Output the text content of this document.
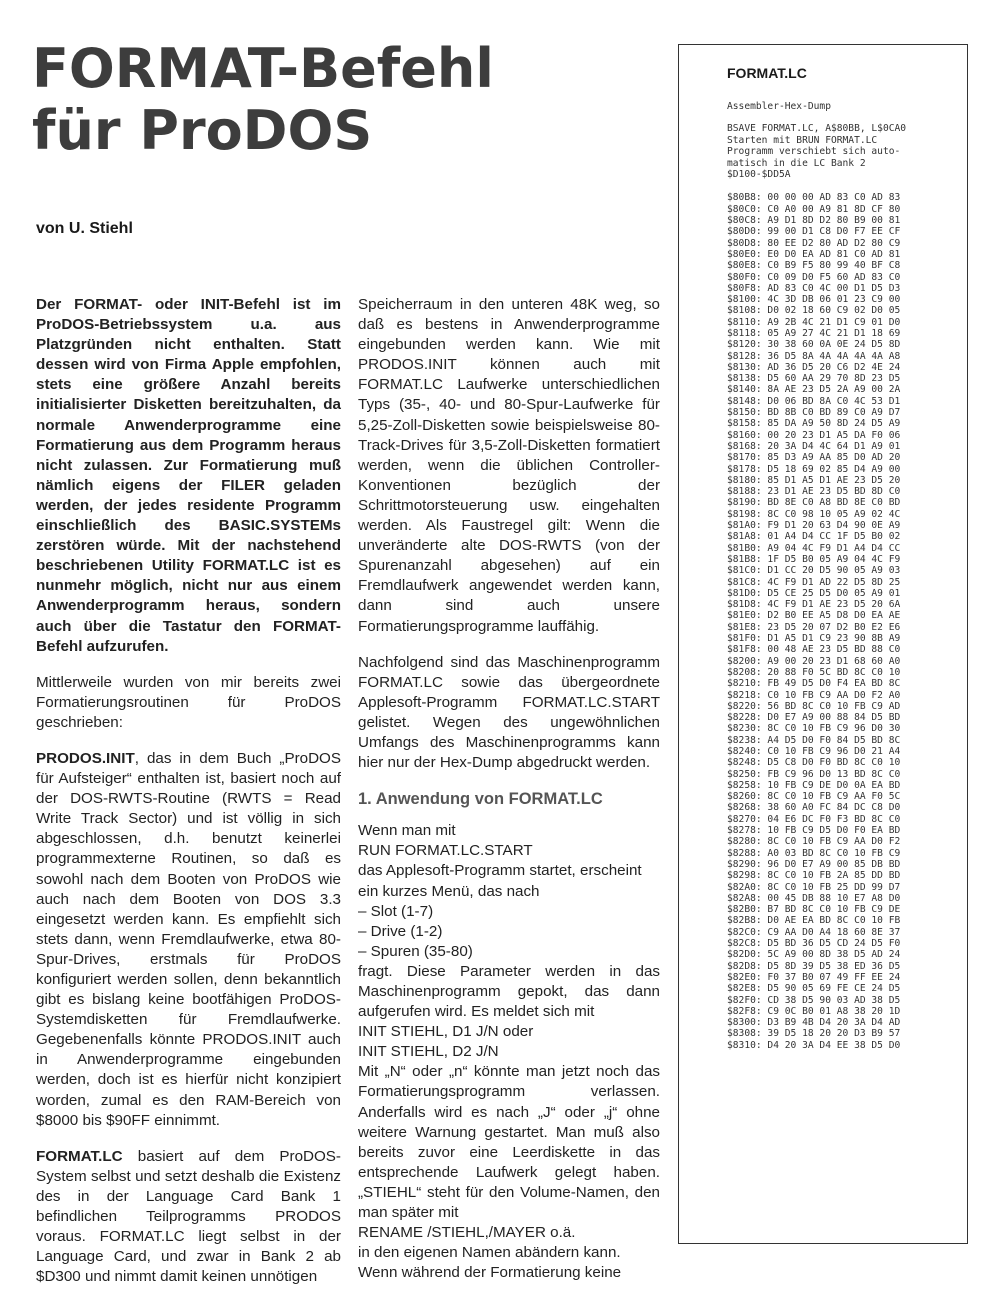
FORMAT-Befehl
für ProDOS
von U. Stiehl

Der FORMAT- oder INIT-Befehl ist im ProDOS-Betriebssystem u.a. aus Platzgründen nicht enthalten. Statt dessen wird von Firma Apple empfohlen, stets eine größere Anzahl bereits initialisierter Disketten bereitzuhalten, da normale Anwenderprogramme eine Formatierung aus dem Programm heraus nicht zulassen. Zur Formatierung muß nämlich eigens der FILER geladen werden, der jedes residente Programm einschließlich des BASIC.SYSTEMs zerstören würde. Mit der nachstehend beschriebenen Utility FORMAT.LC ist es nunmehr möglich, nicht nur aus einem Anwenderprogramm heraus, sondern auch über die Tastatur den FORMAT-Befehl aufzurufen.

Mittlerweile wurden von mir bereits zwei Formatierungsroutinen für ProDOS geschrieben:

PRODOS.INIT, das in dem Buch „ProDOS für Aufsteiger“ enthalten ist, basiert noch auf der DOS-RWTS-Routine (RWTS = Read Write Track Sector) und ist völlig in sich abgeschlossen, d.h. benutzt keinerlei programmexterne Routinen, so daß es sowohl nach dem Booten von ProDOS wie auch nach dem Booten von DOS 3.3 eingesetzt werden kann. Es empfiehlt sich stets dann, wenn Fremdlaufwerke, etwa 80-Spur-Drives, erstmals für ProDOS konfiguriert werden sollen, denn bekanntlich gibt es bislang keine bootfähigen ProDOS-Systemdisketten für Fremdlaufwerke. Gegebenenfalls könnte PRODOS.INIT auch in Anwenderprogramme eingebunden werden, doch ist es hierfür nicht konzipiert worden, zumal es den RAM-Bereich von $8000 bis $90FF einnimmt.

FORMAT.LC basiert auf dem ProDOS-System selbst und setzt deshalb die Existenz des in der Language Card Bank 1 befindlichen Teilprogramms PRODOS voraus. FORMAT.LC liegt selbst in der Language Card, und zwar in Bank 2 ab $D300 und nimmt damit keinen unnötigen

Speicherraum in den unteren 48K weg, so daß es bestens in Anwenderprogramme eingebunden werden kann. Wie mit PRODOS.INIT können auch mit FORMAT.LC Laufwerke unterschiedlichen Typs (35-, 40- und 80-Spur-Laufwerke für 5,25-Zoll-Disketten sowie beispielsweise 80-Track-Drives für 3,5-Zoll-Disketten formatiert werden, wenn die üblichen Controller-Konventionen bezüglich der Schrittmotorsteuerung usw. eingehalten werden. Als Faustregel gilt: Wenn die unveränderte alte DOS-RWTS (von der Spurenanzahl abgesehen) auf ein Fremdlaufwerk angewendet werden kann, dann sind auch unsere Formatierungsprogramme lauffähig.

Nachfolgend sind das Maschinenprogramm FORMAT.LC sowie das übergeordnete Applesoft-Programm FORMAT.LC.START gelistet. Wegen des ungewöhnlichen Umfangs des Maschinenprogramms kann hier nur der Hex-Dump abgedruckt werden.

1. Anwendung von FORMAT.LC
Wenn man mit
RUN FORMAT.LC.START
das Applesoft-Programm startet, erscheint
ein kurzes Menü, das nach
– Slot (1-7)
– Drive (1-2)
– Spuren (35-80)

fragt. Diese Parameter werden in das Maschinenprogramm gepokt, das dann aufgerufen wird. Es meldet sich mit

INIT STIEHL, D1 J/N oder
INIT STIEHL, D2 J/N

Mit „N“ oder „n“ könnte man jetzt noch das Formatierungsprogramm verlassen. Anderfalls wird es nach „J“ oder „j“ ohne weitere Warnung gestartet. Man muß also bereits zuvor eine Leerdiskette in das entsprechende Laufwerk gelegt haben. „STIEHL“ steht für den Volume-Namen, den man später mit

RENAME /STIEHL,/MAYER o.ä.
in den eigenen Namen abändern kann.
Wenn während der Formatierung keine
FORMAT.LC
Assembler-Hex-Dump
BSAVE FORMAT.LC, A$80BB, L$0CA0
Starten mit BRUN FORMAT.LC
Programm verschiebt sich auto-
matisch in die LC Bank 2
$D100-$DD5A
$80B8: 00 00 00 AD 83 C0 AD 83
$80C0: C0 A0 00 A9 81 8D CF 80
$80C8: A9 D1 8D D2 80 B9 00 81
$80D0: 99 00 D1 C8 D0 F7 EE CF
$80D8: 80 EE D2 80 AD D2 80 C9
$80E0: E0 D0 EA AD 81 C0 AD 81
$80E8: C0 B9 F5 80 99 40 BF C8
$80F0: C0 09 D0 F5 60 AD 83 C0
$80F8: AD 83 C0 4C 00 D1 D5 D3
$8100: 4C 3D DB 06 01 23 C9 00
$8108: D0 02 18 60 C9 02 D0 05
$8110: A9 2B 4C 21 D1 C9 01 D0
$8118: 05 A9 27 4C 21 D1 18 69
$8120: 30 38 60 0A 0E 24 D5 8D
$8128: 36 D5 8A 4A 4A 4A 4A A8
$8130: AD 36 D5 20 C6 D2 4E 24
$8138: D5 60 AA 29 70 8D 23 D5
$8140: 8A AE 23 D5 2A A9 00 2A
$8148: D0 06 BD 8A C0 4C 53 D1
$8150: BD 8B C0 BD 89 C0 A9 D7
$8158: 85 DA A9 50 8D 24 D5 A9
$8160: 00 20 23 D1 A5 DA F0 06
$8168: 20 3A D4 4C 64 D1 A9 01
$8170: 85 D3 A9 AA 85 D0 AD 20
$8178: D5 18 69 02 85 D4 A9 00
$8180: 85 D1 A5 D1 AE 23 D5 20
$8188: 23 D1 AE 23 D5 BD 8D C0
$8190: BD 8E C0 A8 BD 8E C0 BD
$8198: 8C C0 98 10 05 A9 02 4C
$81A0: F9 D1 20 63 D4 90 0E A9
$81A8: 01 A4 D4 CC 1F D5 B0 02
$81B0: A9 04 4C F9 D1 A4 D4 CC
$81B8: 1F D5 B0 05 A9 04 4C F9
$81C0: D1 CC 20 D5 90 05 A9 03
$81C8: 4C F9 D1 AD 22 D5 8D 25
$81D0: D5 CE 25 D5 D0 05 A9 01
$81D8: 4C F9 D1 AE 23 D5 20 6A
$81E0: D2 B0 EE A5 D8 D0 EA AE
$81E8: 23 D5 20 07 D2 B0 E2 E6
$81F0: D1 A5 D1 C9 23 90 8B A9
$81F8: 00 48 AE 23 D5 BD 88 C0
$8200: A9 00 20 23 D1 68 60 A0
$8208: 20 88 F0 5C BD 8C C0 10
$8210: FB 49 D5 D0 F4 EA BD 8C
$8218: C0 10 FB C9 AA D0 F2 A0
$8220: 56 BD 8C C0 10 FB C9 AD
$8228: D0 E7 A9 00 88 84 D5 BD
$8230: 8C C0 10 FB C9 96 D0 30
$8238: A4 D5 D0 F0 84 D5 BD 8C
$8240: C0 10 FB C9 96 D0 21 A4
$8248: D5 C8 D0 F0 BD 8C C0 10
$8250: FB C9 96 D0 13 BD 8C C0
$8258: 10 FB C9 DE D0 0A EA BD
$8260: 8C C0 10 FB C9 AA F0 5C
$8268: 38 60 A0 FC 84 DC C8 D0
$8270: 04 E6 DC F0 F3 BD 8C C0
$8278: 10 FB C9 D5 D0 F0 EA BD
$8280: 8C C0 10 FB C9 AA D0 F2
$8288: A0 03 BD 8C C0 10 FB C9
$8290: 96 D0 E7 A9 00 85 DB BD
$8298: 8C C0 10 FB 2A 85 DD BD
$82A0: 8C C0 10 FB 25 DD 99 D7
$82A8: 00 45 DB 88 10 E7 A8 D0
$82B0: B7 BD 8C C0 10 FB C9 DE
$82B8: D0 AE EA BD 8C C0 10 FB
$82C0: C9 AA D0 A4 18 60 8E 37
$82C8: D5 BD 36 D5 CD 24 D5 F0
$82D0: 5C A9 00 8D 38 D5 AD 24
$82D8: D5 8D 39 D5 38 ED 36 D5
$82E0: F0 37 B0 07 49 FF EE 24
$82E8: D5 90 05 69 FE CE 24 D5
$82F0: CD 38 D5 90 03 AD 38 D5
$82F8: C9 0C B0 01 A8 38 20 1D
$8300: D3 B9 4B D4 20 3A D4 AD
$8308: 39 D5 18 20 20 D3 B9 57
$8310: D4 20 3A D4 EE 38 D5 D0
